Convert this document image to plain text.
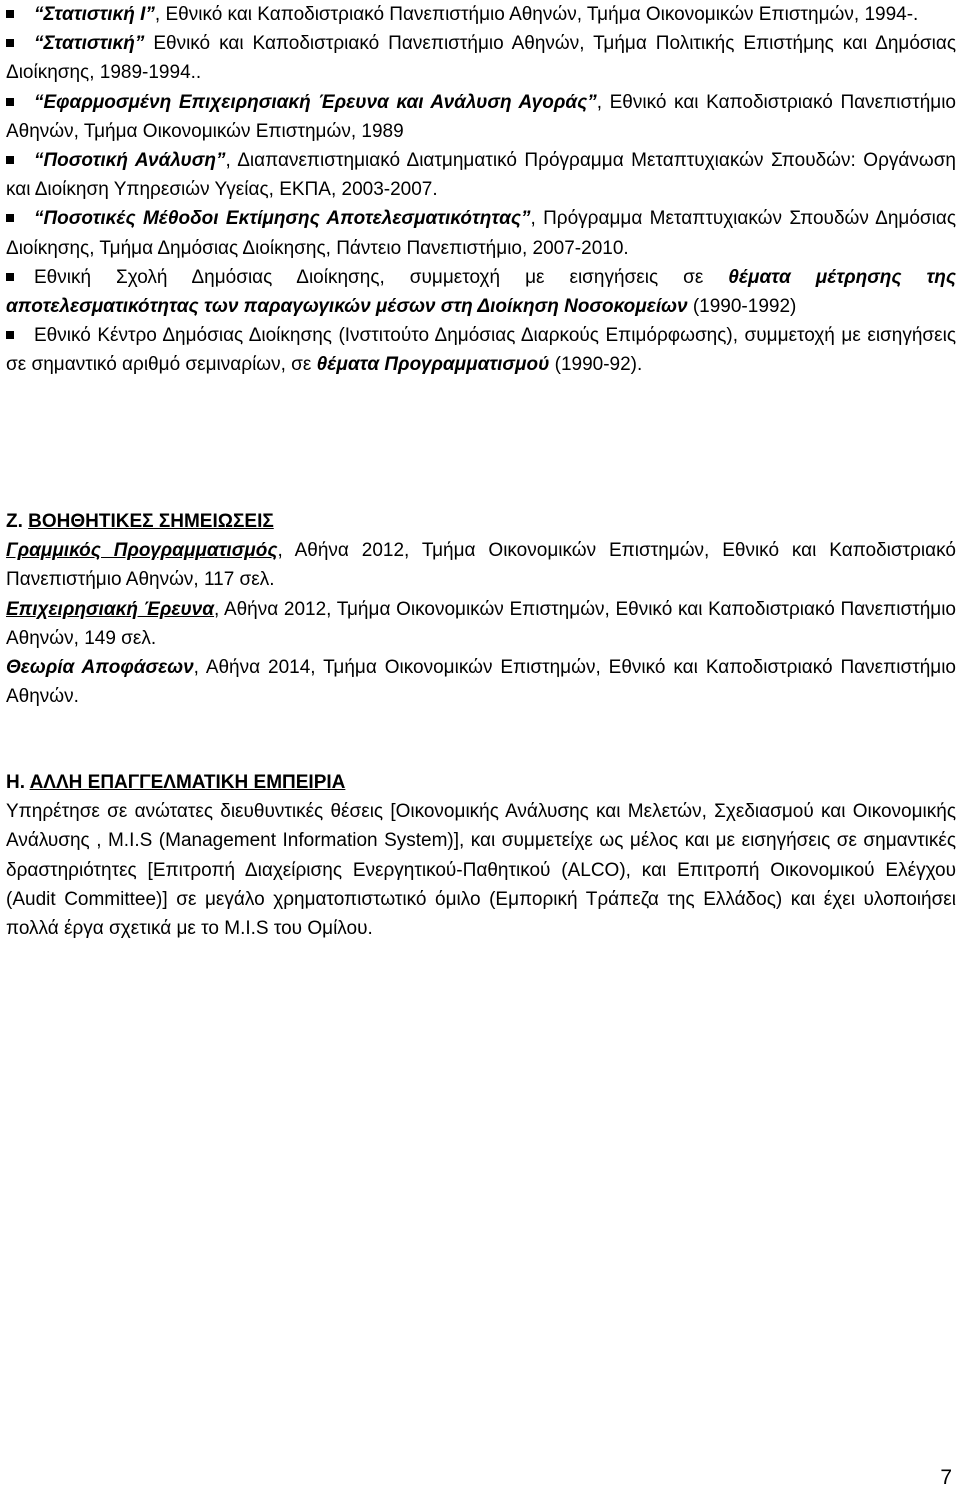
“Στατιστική Ι”, Εθνικό και Καποδιστριακό Πανεπιστήμιο Αθηνών, Τμήμα Οικονομικών Επιστημών, 1994-.
“Στατιστική” Εθνικό και Καποδιστριακό Πανεπιστήμιο Αθηνών, Τμήμα Πολιτικής Επιστήμης και Δημόσιας Διοίκησης, 1989-1994..
“Εφαρμοσμένη Επιχειρησιακή Έρευνα και Ανάλυση Αγοράς”, Εθνικό και Καποδιστριακό Πανεπιστήμιο Αθηνών, Τμήμα Οικονομικών Επιστημών, 1989
“Ποσοτική Ανάλυση”, Διαπανεπιστημιακό Διατμηματικό Πρόγραμμα Μεταπτυχιακών Σπουδών: Οργάνωση και Διοίκηση Υπηρεσιών Υγείας, ΕΚΠΑ, 2003-2007.
“Ποσοτικές Μέθοδοι Εκτίμησης Αποτελεσματικότητας”, Πρόγραμμα Μεταπτυχιακών Σπουδών Δημόσιας Διοίκησης, Τμήμα Δημόσιας Διοίκησης, Πάντειο Πανεπιστήμιο, 2007-2010.
Εθνική Σχολή Δημόσιας Διοίκησης, συμμετοχή με εισηγήσεις σε θέματα μέτρησης της αποτελεσματικότητας των παραγωγικών μέσων στη Διοίκηση Νοσοκομείων (1990-1992)
Εθνικό Κέντρο Δημόσιας Διοίκησης (Ινστιτούτο Δημόσιας Διαρκούς Επιμόρφωσης), συμμετοχή με εισηγήσεις σε σημαντικό αριθμό σεμιναρίων, σε θέματα Προγραμματισμού (1990-92).

Ζ. ΒΟΗΘΗΤΙΚΕΣ ΣΗΜΕΙΩΣΕΙΣ

Γραμμικός Προγραμματισμός, Αθήνα 2012, Τμήμα Οικονομικών Επιστημών, Εθνικό και Καποδιστριακό Πανεπιστήμιο Αθηνών, 117 σελ.

Επιχειρησιακή Έρευνα, Αθήνα 2012, Τμήμα Οικονομικών Επιστημών, Εθνικό και Καποδιστριακό Πανεπιστήμιο Αθηνών, 149 σελ.

Θεωρία Αποφάσεων, Αθήνα 2014, Τμήμα Οικονομικών Επιστημών, Εθνικό και Καποδιστριακό Πανεπιστήμιο Αθηνών.

Η. ΑΛΛΗ ΕΠΑΓΓΕΛΜΑΤΙΚΗ ΕΜΠΕΙΡΙΑ

Υπηρέτησε σε ανώτατες διευθυντικές θέσεις [Οικονομικής Ανάλυσης και Μελετών, Σχεδιασμού και Οικονομικής Ανάλυσης , M.I.S (Management Information System)], και συμμετείχε ως μέλος και με εισηγήσεις σε σημαντικές δραστηριότητες [Επιτροπή Διαχείρισης Ενεργητικού-Παθητικού (ALCO), και Επιτροπή Οικονομικού Ελέγχου (Audit Committee)] σε μεγάλο χρηματοπιστωτικό όμιλο (Εμπορική Τράπεζα της Ελλάδος) και έχει υλοποιήσει πολλά έργα σχετικά με το M.I.S του Ομίλου.

7
